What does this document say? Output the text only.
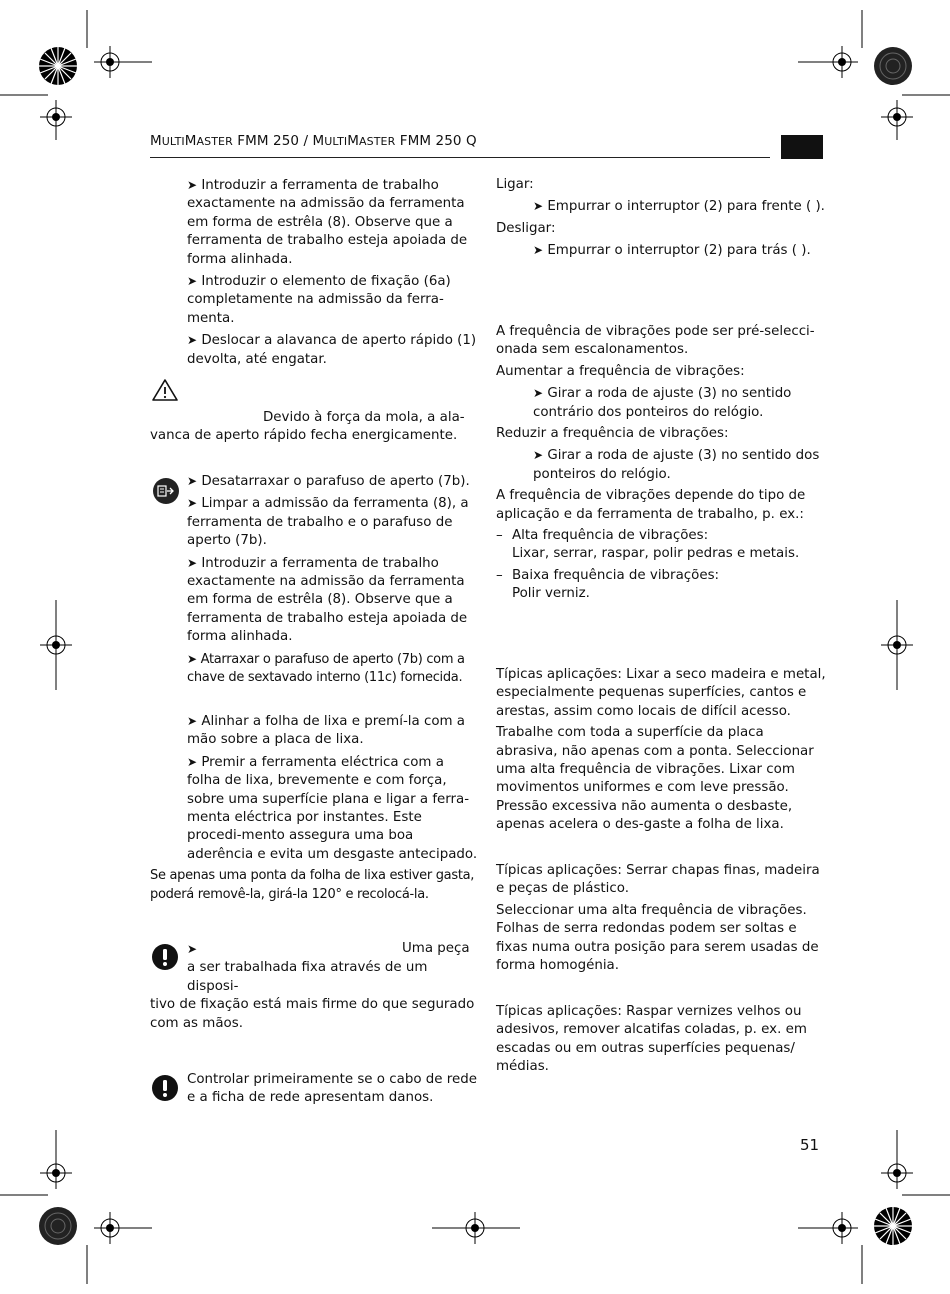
MULTIMASTER FMM 250 / MULTIMASTER FMM 250 Q

➤ Introduzir a ferramenta de trabalho exactamente na admissão da ferramenta em forma de estrêla (8). Observe que a ferramenta de trabalho esteja apoiada de forma alinhada.

➤ Introduzir o elemento de fixação (6a) completamente na admissão da ferra-menta.

➤ Deslocar a alavanca de aperto rápido (1) devolta, até engatar.

Devido à força da mola, a ala-
vanca de aperto rápido fecha energicamente.

➤ Desatarraxar o parafuso de aperto (7b).

➤ Limpar a admissão da ferramenta (8), a ferramenta de trabalho e o parafuso de aperto (7b).

➤ Introduzir a ferramenta de trabalho exactamente na admissão da ferramenta em forma de estrêla (8). Observe que a ferramenta de trabalho esteja apoiada de forma alinhada.

➤ Atarraxar o parafuso de aperto (7b) com a chave de sextavado interno (11c) fornecida.

➤ Alinhar a folha de lixa e premí-la com a mão sobre a placa de lixa.

➤ Premir a ferramenta eléctrica com a folha de lixa, brevemente e com força, sobre uma superfície plana e ligar a ferra-menta eléctrica por instantes. Este procedi-mento assegura uma boa aderência e evita um desgaste antecipado.

Se apenas uma ponta da folha de lixa estiver gasta, poderá removê-la, girá-la 120° e recolocá-la.

➤	Uma peça
a ser trabalhada fixa através de um disposi-
tivo de fixação está mais firme do que segurado
com as mãos.
Controlar primeiramente se o cabo de rede e a ficha de rede apresentam danos.

Ligar:

➤ Empurrar o interruptor (2) para frente ( ).

Desligar:

➤ Empurrar o interruptor (2) para trás ( ).

A frequência de vibrações pode ser pré-selecci-onada sem escalonamentos.

Aumentar a frequência de vibrações:

➤ Girar a roda de ajuste (3) no sentido contrário dos ponteiros do relógio.

Reduzir a frequência de vibrações:

➤ Girar a roda de ajuste (3) no sentido dos ponteiros do relógio.

A frequência de vibrações depende do tipo de aplicação e da ferramenta de trabalho, p. ex.:

– Alta frequência de vibrações:
Lixar, serrar, raspar, polir pedras e metais.
– Baixa frequência de vibrações:
Polir verniz.

Típicas aplicações: Lixar a seco madeira e metal, especialmente pequenas superfícies, cantos e arestas, assim como locais de difícil acesso.

Trabalhe com toda a superfície da placa abrasiva, não apenas com a ponta. Seleccionar uma alta frequência de vibrações. Lixar com movimentos uniformes e com leve pressão. Pressão excessiva não aumenta o desbaste, apenas acelera o des-gaste a folha de lixa.

Típicas aplicações: Serrar chapas finas, madeira e peças de plástico.

Seleccionar uma alta frequência de vibrações. Folhas de serra redondas podem ser soltas e fixas numa outra posição para serem usadas de forma homogénia.

Típicas aplicações: Raspar vernizes velhos ou adesivos, remover alcatifas coladas, p. ex. em escadas ou em outras superfícies pequenas/ médias.

51
